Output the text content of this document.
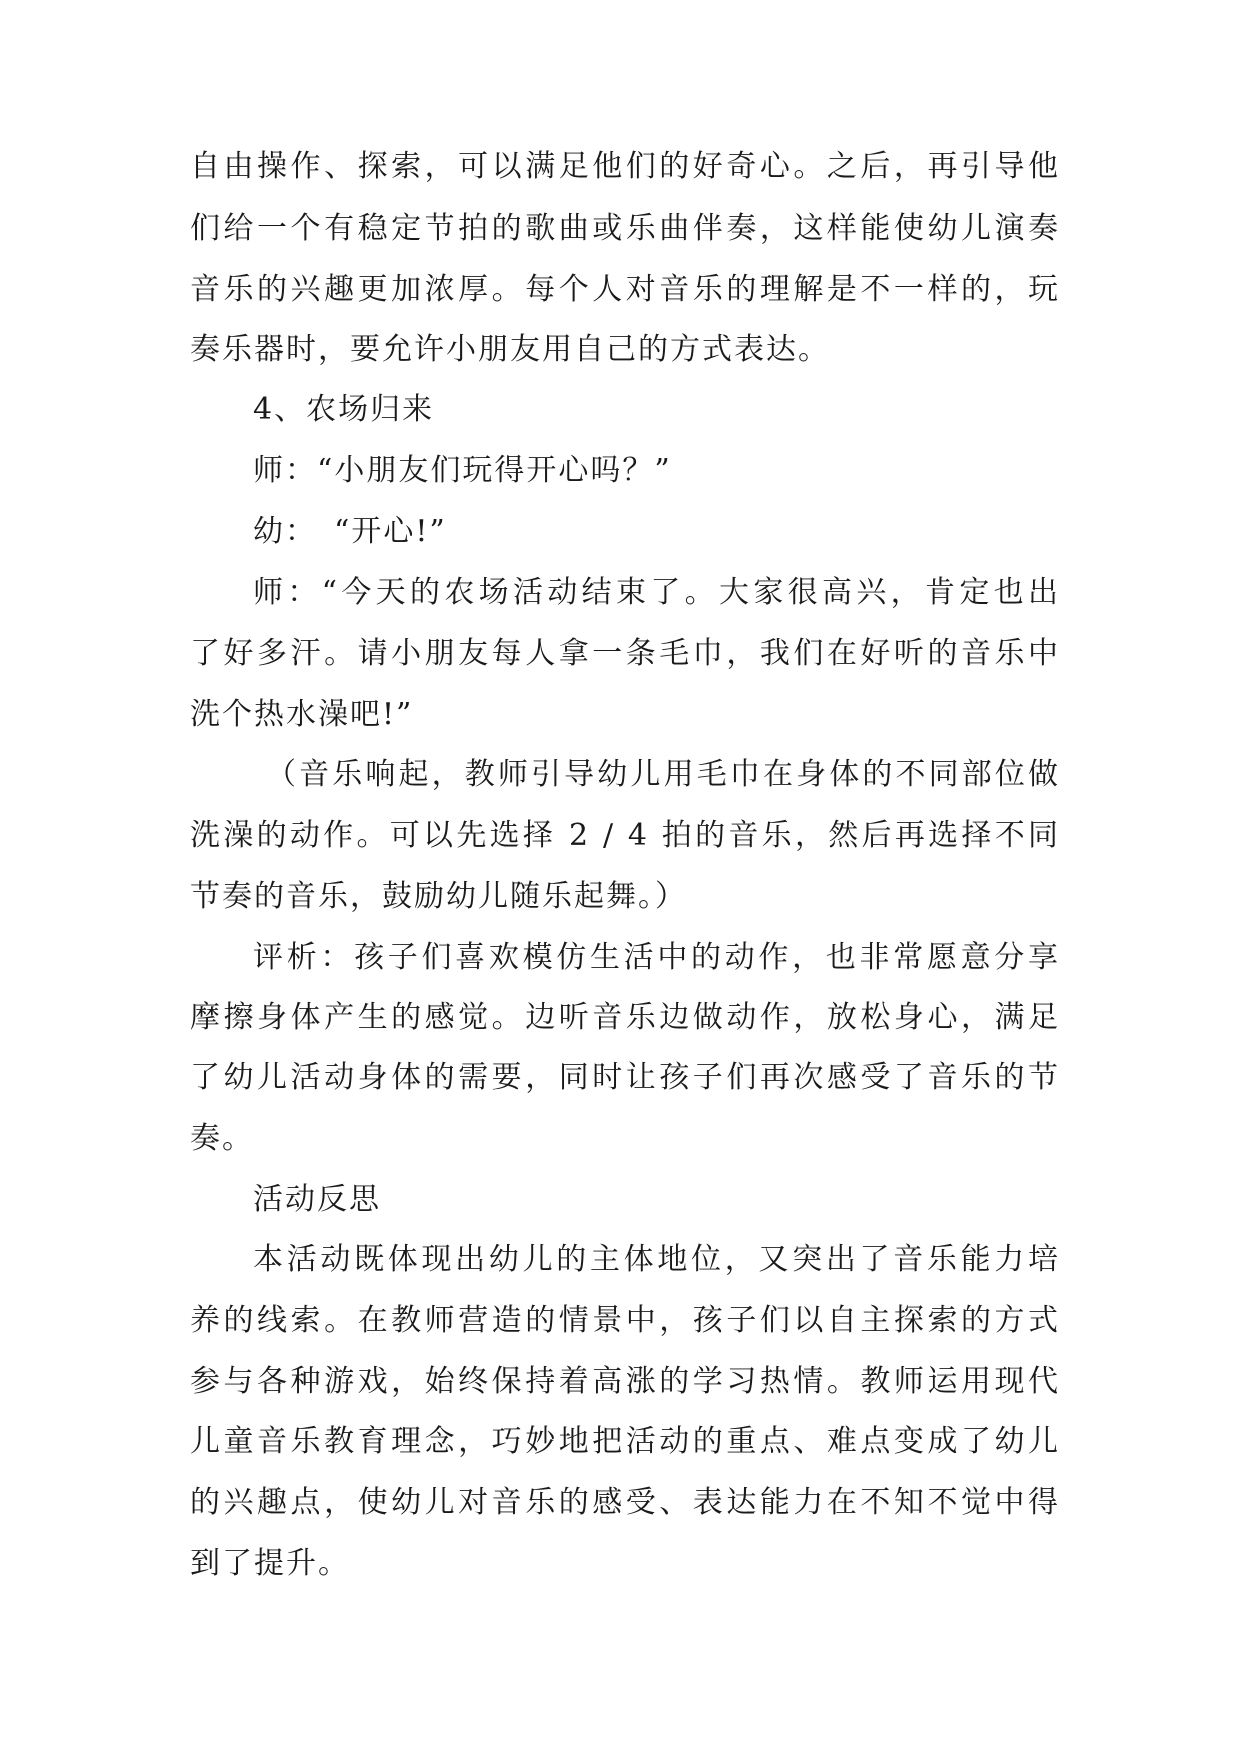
自由操作、探索，可以满足他们的好奇心。之后，再引导他
们给一个有稳定节拍的歌曲或乐曲伴奏，这样能使幼儿演奏
音乐的兴趣更加浓厚。每个人对音乐的理解是不一样的，玩
奏乐器时，要允许小朋友用自己的方式表达。
4、农场归来
师：“小朋友们玩得开心吗？”
幼：　“开心!”
师：“今天的农场活动结束了。大家很高兴，肯定也出
了好多汗。请小朋友每人拿一条毛巾，我们在好听的音乐中
洗个热水澡吧!”
（音乐响起，教师引导幼儿用毛巾在身体的不同部位做
洗澡的动作。可以先选择 2 / 4 拍的音乐，然后再选择不同
节奏的音乐，鼓励幼儿随乐起舞。）
评析：孩子们喜欢模仿生活中的动作，也非常愿意分享
摩擦身体产生的感觉。边听音乐边做动作，放松身心，满足
了幼儿活动身体的需要，同时让孩子们再次感受了音乐的节
奏。
活动反思
本活动既体现出幼儿的主体地位，又突出了音乐能力培
养的线索。在教师营造的情景中，孩子们以自主探索的方式
参与各种游戏，始终保持着高涨的学习热情。教师运用现代
儿童音乐教育理念，巧妙地把活动的重点、难点变成了幼儿
的兴趣点，使幼儿对音乐的感受、表达能力在不知不觉中得
到了提升。
